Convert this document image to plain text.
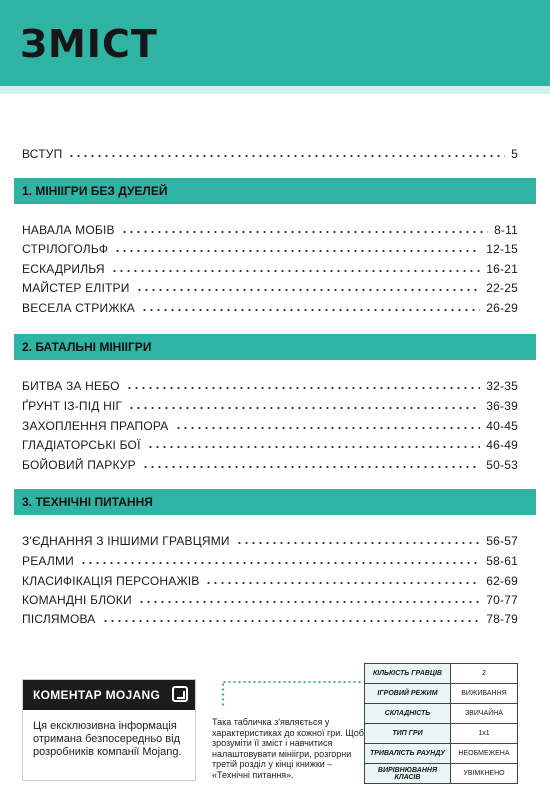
ЗМІСТ
ВСТУП	5
1. МІНІІГРИ БЕЗ ДУЕЛЕЙ
НАВАЛА МОБІВ	8-11
СТРІЛОГОЛЬФ	12-15
ЕСКАДРИЛЬЯ	16-21
МАЙСТЕР ЕЛІТРИ	22-25
ВЕСЕЛА СТРИЖКА	26-29
2. БАТАЛЬНІ МІНІІГРИ
БИТВА ЗА НЕБО	32-35
ҐРУНТ ІЗ-ПІД НІГ	36-39
ЗАХОПЛЕННЯ ПРАПОРА	40-45
ГЛАДІАТОРСЬКІ БОЇ	46-49
БОЙОВИЙ ПАРКУР	50-53
3. ТЕХНІЧНІ ПИТАННЯ
З'ЄДНАННЯ З ІНШИМИ ГРАВЦЯМИ	56-57
РЕАЛМИ	58-61
КЛАСИФІКАЦІЯ ПЕРСОНАЖІВ	62-69
КОМАНДНІ БЛОКИ	70-77
ПІСЛЯМОВА	78-79
КОМЕНТАР MOJANG
Ця ексклюзивна інформація отримана безпосередньо від розробників компанії Mojang.
Така табличка з'являється у характеристиках до кожної гри. Щоб зрозуміти її зміст і навчитися налаштовувати мініігри, розгорни третій розділ у кінці книжки – «Технічні питання».
КІЛЬКІСТЬ ГРАВЦІВ	2
ІГРОВИЙ РЕЖИМ	ВИЖИВАННЯ
СКЛАДНІСТЬ	ЗВИЧАЙНА
ТИП ГРИ	1x1
ТРИВАЛІСТЬ РАУНДУ	НЕОБМЕЖЕНА
ВИРІВНЮВАННЯ КЛАСІВ	УВІМКНЕНО
